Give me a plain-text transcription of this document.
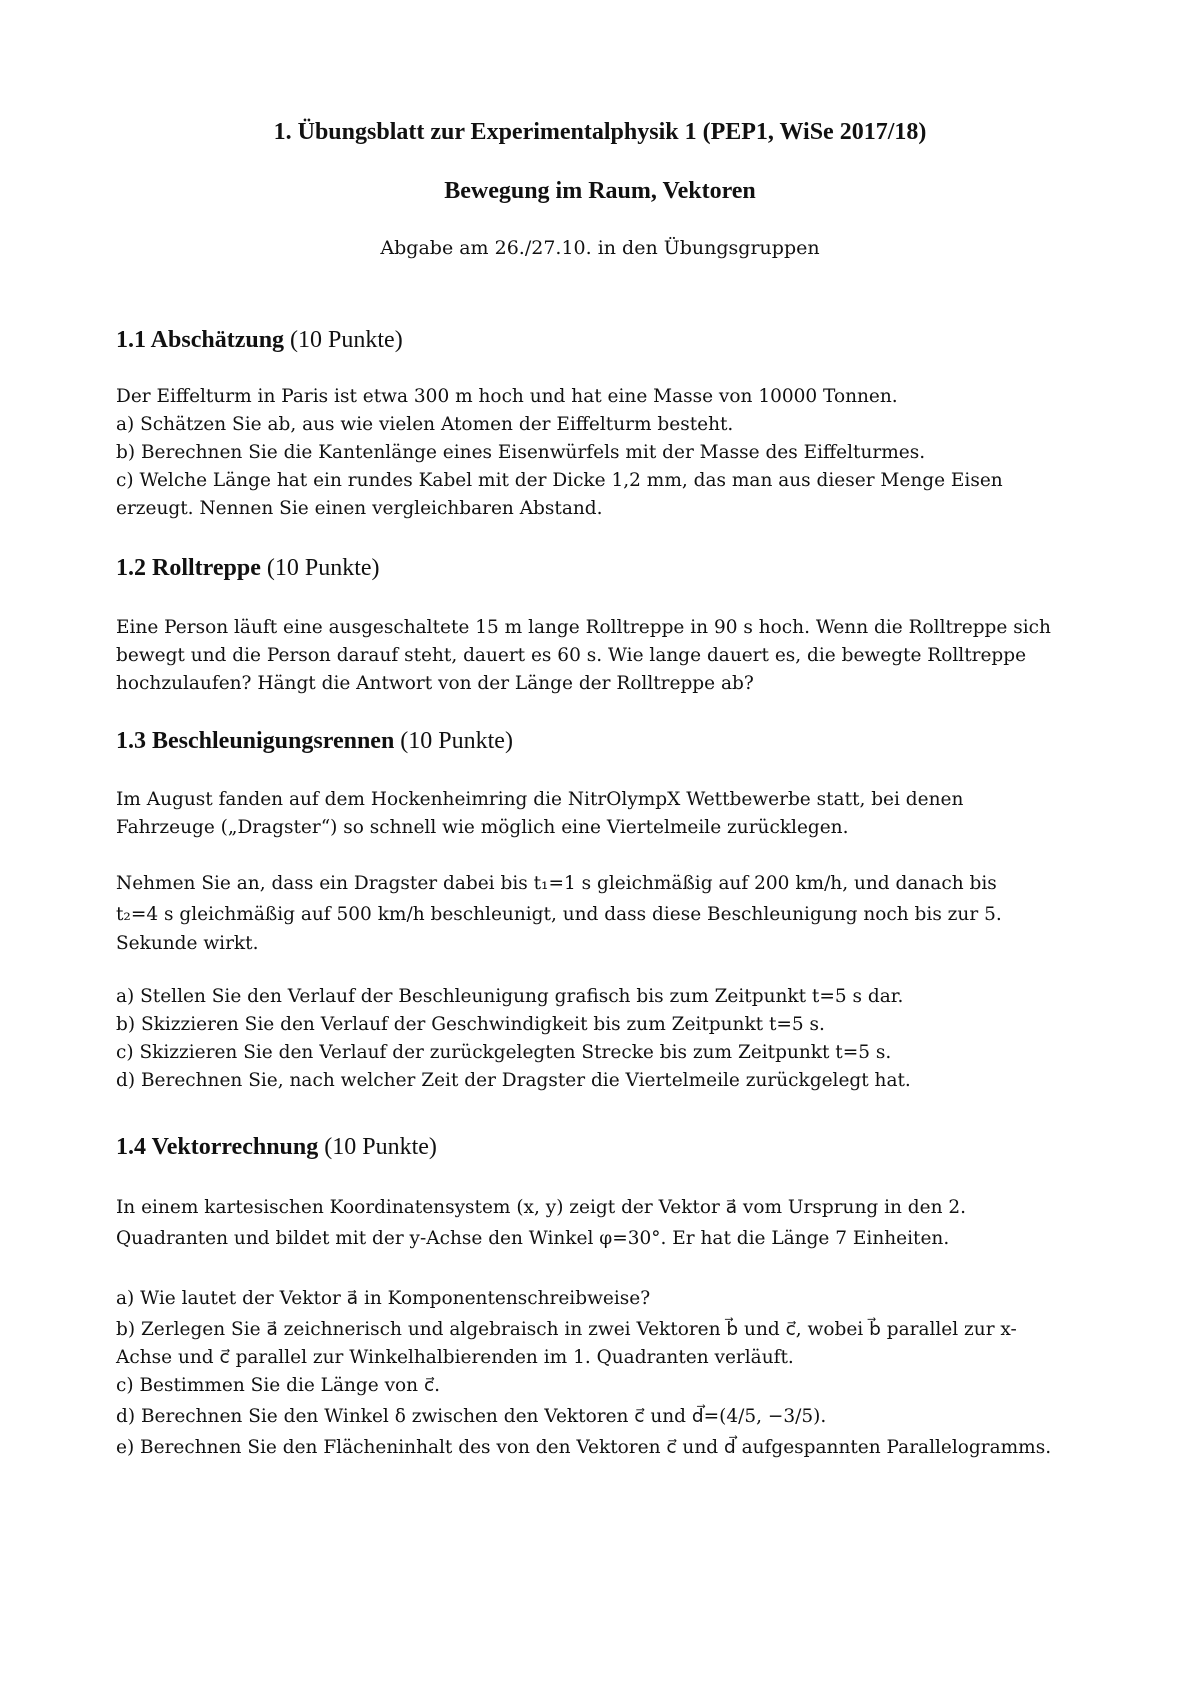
1. Übungsblatt zur Experimentalphysik 1 (PEP1, WiSe 2017/18)
Bewegung im Raum, Vektoren
Abgabe am 26./27.10. in den Übungsgruppen
1.1 Abschätzung (10 Punkte)
Der Eiffelturm in Paris ist etwa 300 m hoch und hat eine Masse von 10000 Tonnen.
a) Schätzen Sie ab, aus wie vielen Atomen der Eiffelturm besteht.
b) Berechnen Sie die Kantenlänge eines Eisenwürfels mit der Masse des Eiffelturmes.
c) Welche Länge hat ein rundes Kabel mit der Dicke 1,2 mm, das man aus dieser Menge Eisen
erzeugt. Nennen Sie einen vergleichbaren Abstand.
1.2 Rolltreppe (10 Punkte)
Eine Person läuft eine ausgeschaltete 15 m lange Rolltreppe in 90 s hoch. Wenn die Rolltreppe sich
bewegt und die Person darauf steht, dauert es 60 s. Wie lange dauert es, die bewegte Rolltreppe
hochzulaufen? Hängt die Antwort von der Länge der Rolltreppe ab?
1.3 Beschleunigungsrennen (10 Punkte)
Im August fanden auf dem Hockenheimring die NitrOlympX Wettbewerbe statt, bei denen
Fahrzeuge („Dragster“) so schnell wie möglich eine Viertelmeile zurücklegen.
Nehmen Sie an, dass ein Dragster dabei bis t₁=1 s gleichmäßig auf 200 km/h, und danach bis
t₂=4 s gleichmäßig auf 500 km/h beschleunigt, und dass diese Beschleunigung noch bis zur 5.
Sekunde wirkt.
a) Stellen Sie den Verlauf der Beschleunigung grafisch bis zum Zeitpunkt t=5 s dar.
b) Skizzieren Sie den Verlauf der Geschwindigkeit bis zum Zeitpunkt t=5 s.
c) Skizzieren Sie den Verlauf der zurückgelegten Strecke bis zum Zeitpunkt t=5 s.
d) Berechnen Sie, nach welcher Zeit der Dragster die Viertelmeile zurückgelegt hat.
1.4 Vektorrechnung (10 Punkte)
In einem kartesischen Koordinatensystem (x, y) zeigt der Vektor a⃗ vom Ursprung in den 2.
Quadranten und bildet mit der y-Achse den Winkel φ=30°. Er hat die Länge 7 Einheiten.
a) Wie lautet der Vektor a⃗ in Komponentenschreibweise?
b) Zerlegen Sie a⃗ zeichnerisch und algebraisch in zwei Vektoren b⃗ und c⃗, wobei b⃗ parallel zur x-
Achse und c⃗ parallel zur Winkelhalbierenden im 1. Quadranten verläuft.
c) Bestimmen Sie die Länge von c⃗.
d) Berechnen Sie den Winkel δ zwischen den Vektoren c⃗ und d⃗=(4/5, −3/5).
e) Berechnen Sie den Flächeninhalt des von den Vektoren c⃗ und d⃗ aufgespannten Parallelogramms.
